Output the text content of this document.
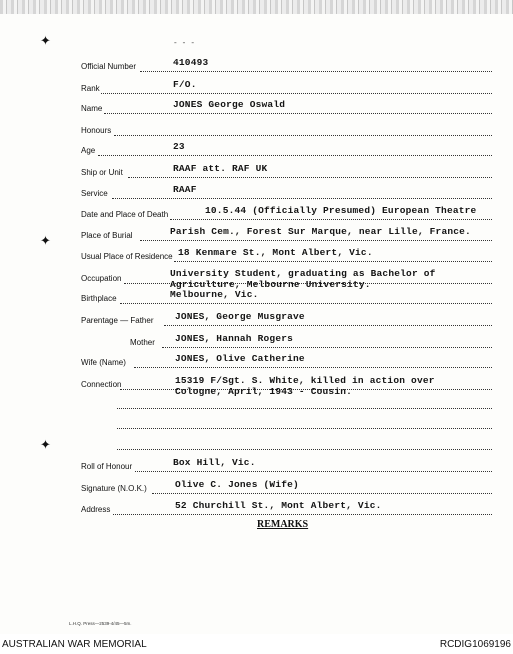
- - -
✦
✦
✦
Official Number	410493
Rank	F/O.
Name	JONES George Oswald
Honours
Age	23
Ship or Unit	RAAF att. RAF UK
Service	RAAF
Date and Place of Death	10.5.44 (Officially Presumed) European Theatre
Place of Burial	Parish Cem., Forest Sur Marque, near Lille, France.
Usual Place of Residence 18 Kenmare St., Mont Albert, Vic.
Occupation	University Student, graduating as Bachelor of
Agriculture, Melbourne University.
Birthplace	Melbourne, Vic.
Parentage — Father JONES, George Musgrave
Mother JONES, Hannah Rogers
Wife (Name)	JONES, Olive Catherine
Connection	15319 F/Sgt. S. White, killed in action over
Cologne, April, 1943 - Cousin.
Roll of Honour	Box Hill, Vic.
Signature (N.O.K.)	Olive C. Jones (Wife)
Address	52 Churchill St., Mont Albert, Vic.
REMARKS
L.H.Q. Press—2539-4/45—5m.
AUSTRALIAN WAR MEMORIAL	RCDIG1069196
